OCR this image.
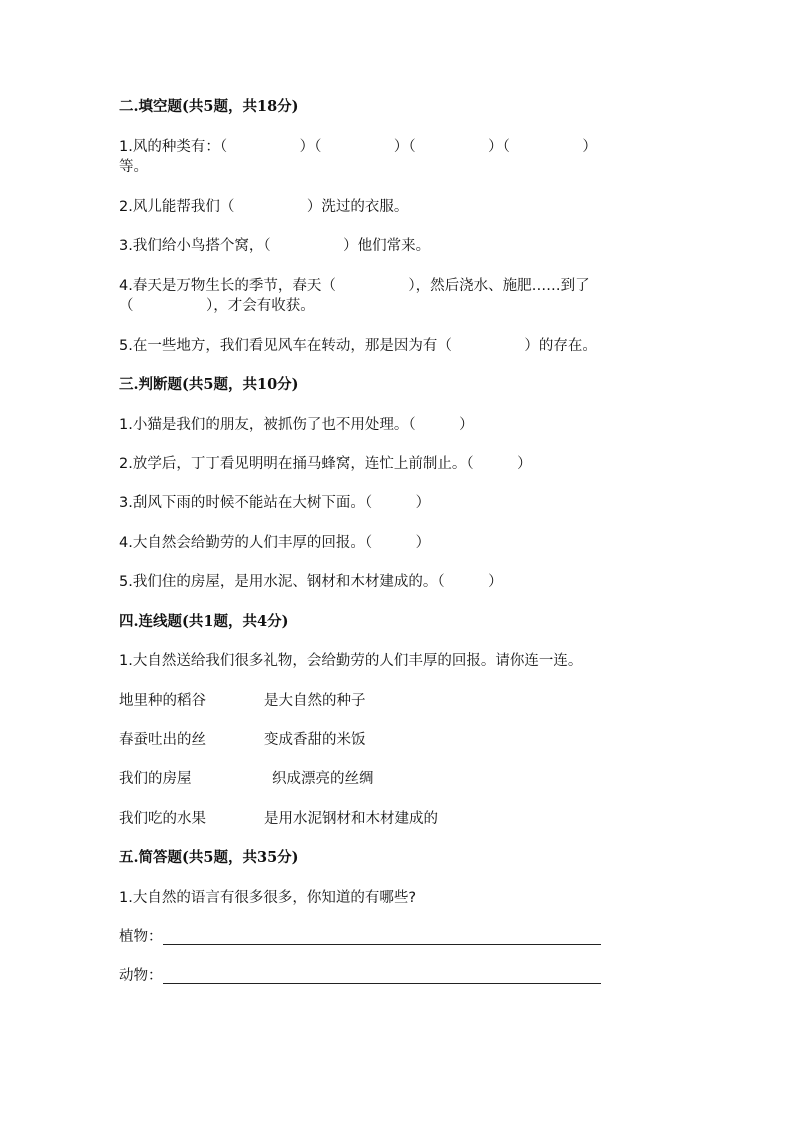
二.填空题(共5题，共18分)
1.风的种类有：（　　　　　）（　　　　　）（　　　　　）（　　　　　）
等。
2.风儿能帮我们（　　　　　）洗过的衣服。
3.我们给小鸟搭个窝，（　　　　　）他们常来。
4.春天是万物生长的季节，春天（　　　　　），然后浇水、施肥……到了
（　　　　　），才会有收获。
5.在一些地方，我们看见风车在转动，那是因为有（　　　　　）的存在。
三.判断题(共5题，共10分)
1.小猫是我们的朋友，被抓伤了也不用处理。（　　　）
2.放学后，丁丁看见明明在捅马蜂窝，连忙上前制止。（　　　）
3.刮风下雨的时候不能站在大树下面。（　　　）
4.大自然会给勤劳的人们丰厚的回报。（　　　）
5.我们住的房屋，是用水泥、钢材和木材建成的。（　　　）
四.连线题(共1题，共4分)
1.大自然送给我们很多礼物，会给勤劳的人们丰厚的回报。请你连一连。
地里种的稻谷	是大自然的种子
春蚕吐出的丝	变成香甜的米饭
我们的房屋	织成漂亮的丝绸
我们吃的水果	是用水泥钢材和木材建成的
五.简答题(共5题，共35分)
1.大自然的语言有很多很多，你知道的有哪些?
植物：
动物：
